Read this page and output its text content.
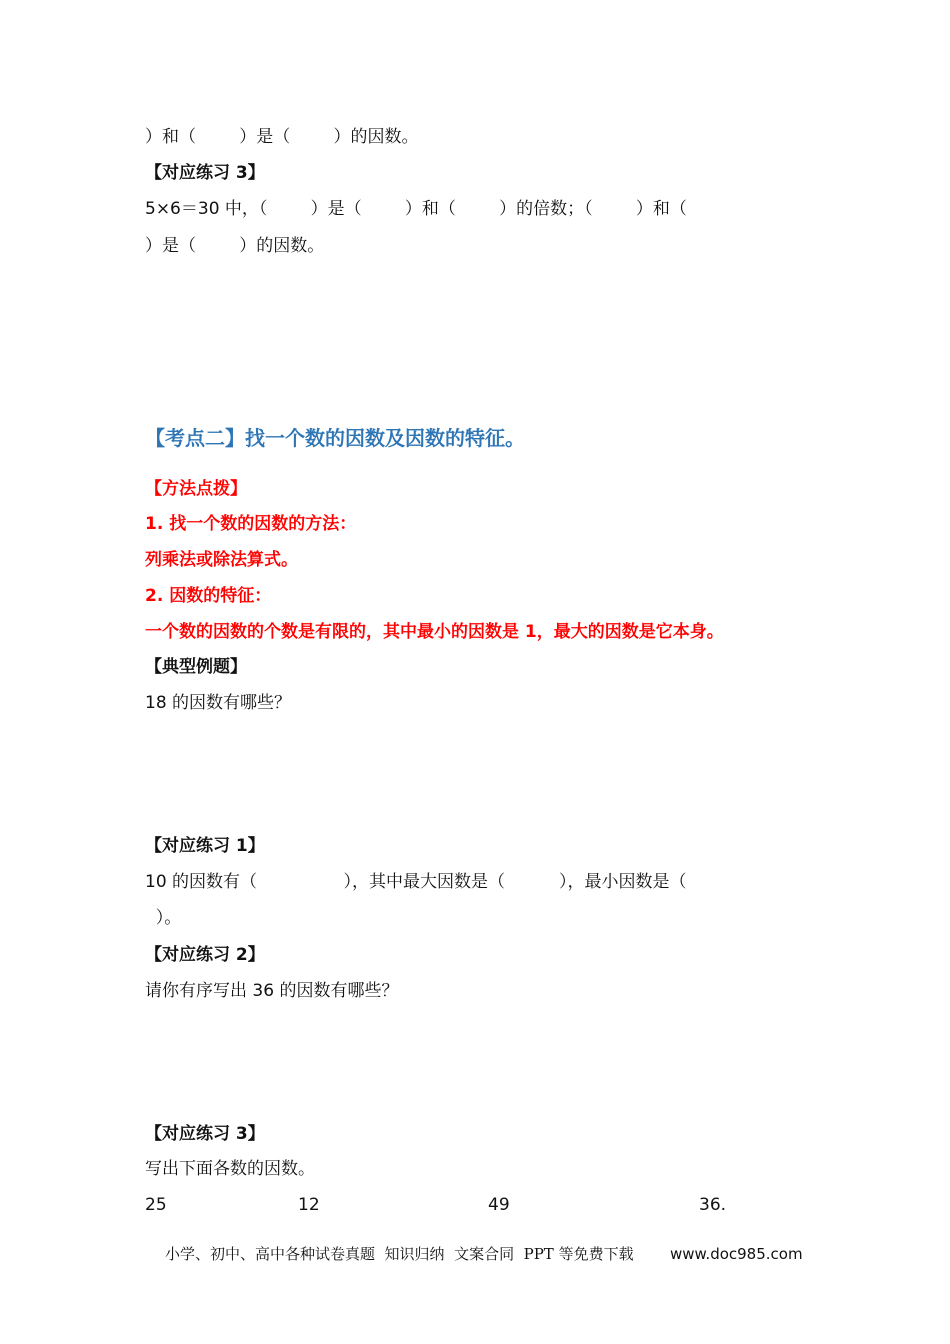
）和（        ）是（        ）的因数。
【对应练习 3】
5×6＝30 中，（        ）是（        ）和（        ）的倍数；（        ）和（
）是（        ）的因数。
【考点二】找一个数的因数及因数的特征。
【方法点拨】
1. 找一个数的因数的方法：
列乘法或除法算式。
2. 因数的特征：
一个数的因数的个数是有限的，其中最小的因数是 1，最大的因数是它本身。
【典型例题】
18 的因数有哪些？
【对应练习 1】
10 的因数有（                ），其中最大因数是（          ），最小因数是（
）。
【对应练习 2】
请你有序写出 36 的因数有哪些？
【对应练习 3】
写出下面各数的因数。
25	12	49	36.
小学、初中、高中各种试卷真题  知识归纳  文案合同  PPT 等免费下载 www.doc985.com
